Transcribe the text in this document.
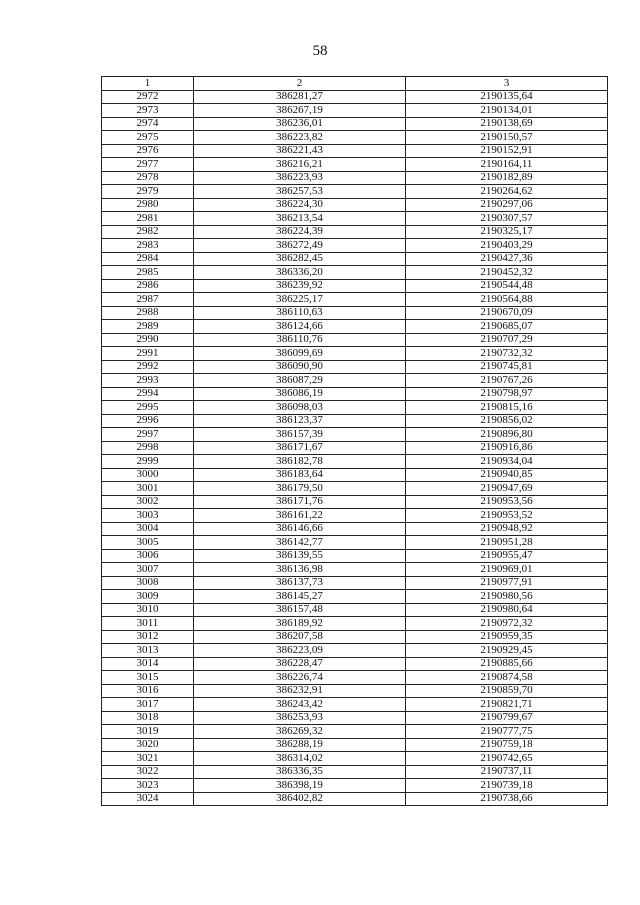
58
1	2	3
2972	386281,27	2190135,64
2973	386267,19	2190134,01
2974	386236,01	2190138,69
2975	386223,82	2190150,57
2976	386221,43	2190152,91
2977	386216,21	2190164,11
2978	386223,93	2190182,89
2979	386257,53	2190264,62
2980	386224,30	2190297,06
2981	386213,54	2190307,57
2982	386224,39	2190325,17
2983	386272,49	2190403,29
2984	386282,45	2190427,36
2985	386336,20	2190452,32
2986	386239,92	2190544,48
2987	386225,17	2190564,88
2988	386110,63	2190670,09
2989	386124,66	2190685,07
2990	386110,76	2190707,29
2991	386099,69	2190732,32
2992	386090,90	2190745,81
2993	386087,29	2190767,26
2994	386086,19	2190798,97
2995	386098,03	2190815,16
2996	386123,37	2190856,02
2997	386157,39	2190896,80
2998	386171,67	2190916,86
2999	386182,78	2190934,04
3000	386183,64	2190940,85
3001	386179,50	2190947,69
3002	386171,76	2190953,56
3003	386161,22	2190953,52
3004	386146,66	2190948,92
3005	386142,77	2190951,28
3006	386139,55	2190955,47
3007	386136,98	2190969,01
3008	386137,73	2190977,91
3009	386145,27	2190980,56
3010	386157,48	2190980,64
3011	386189,92	2190972,32
3012	386207,58	2190959,35
3013	386223,09	2190929,45
3014	386228,47	2190885,66
3015	386226,74	2190874,58
3016	386232,91	2190859,70
3017	386243,42	2190821,71
3018	386253,93	2190799,67
3019	386269,32	2190777,75
3020	386288,19	2190759,18
3021	386314,02	2190742,65
3022	386336,35	2190737,11
3023	386398,19	2190739,18
3024	386402,82	2190738,66
